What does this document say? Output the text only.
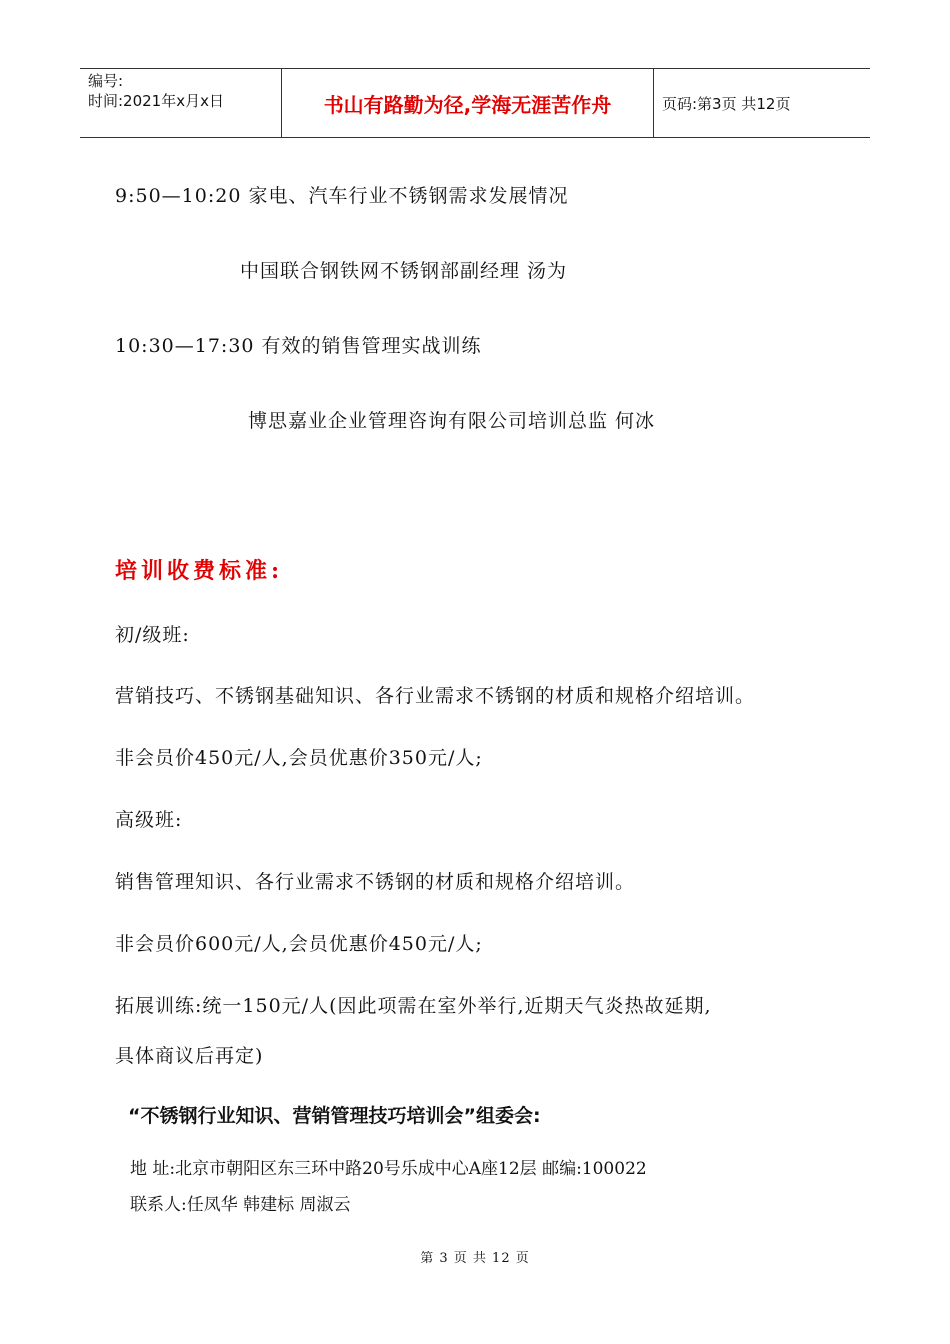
编号:
时间:2021年x月x日	书山有路勤为径,学海无涯苦作舟	页码:第3页 共12页
9:50—10:20 家电、汽车行业不锈钢需求发展情况
中国联合钢铁网不锈钢部副经理 汤为
10:30—17:30 有效的销售管理实战训练
博思嘉业企业管理咨询有限公司培训总监 何冰
培训收费标准:
初/级班:
营销技巧、不锈钢基础知识、各行业需求不锈钢的材质和规格介绍培训。
非会员价450元/人,会员优惠价350元/人;
高级班:
销售管理知识、各行业需求不锈钢的材质和规格介绍培训。
非会员价600元/人,会员优惠价450元/人;
拓展训练:统一150元/人(因此项需在室外举行,近期天气炎热故延期,
具体商议后再定)
“不锈钢行业知识、营销管理技巧培训会”组委会:
地 址:北京市朝阳区东三环中路20号乐成中心A座12层 邮编:100022
联系人:任凤华 韩建标 周淑云
第 3 页 共 12 页
